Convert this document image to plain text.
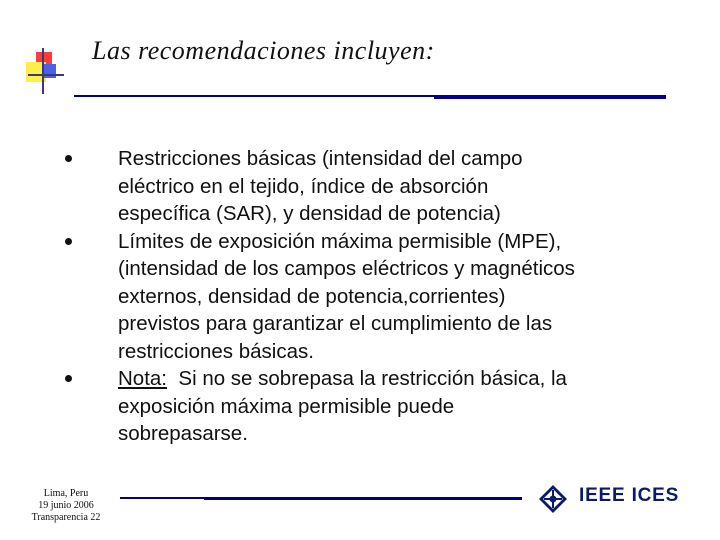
Las recomendaciones incluyen:
Restricciones básicas (intensidad del campo
eléctrico en el tejido, índice de absorción
específica (SAR), y densidad de potencia)
Límites de exposición máxima permisible (MPE),
(intensidad de los campos eléctricos y magnéticos
externos, densidad de potencia,corrientes)
previstos para garantizar el cumplimiento de las
restricciones básicas.
Nota:  Si no se sobrepasa la restricción básica, la
exposición máxima permisible puede
sobrepasarse.
Lima, Peru
19 junio 2006
Transparencia 22
IEEE ICES
